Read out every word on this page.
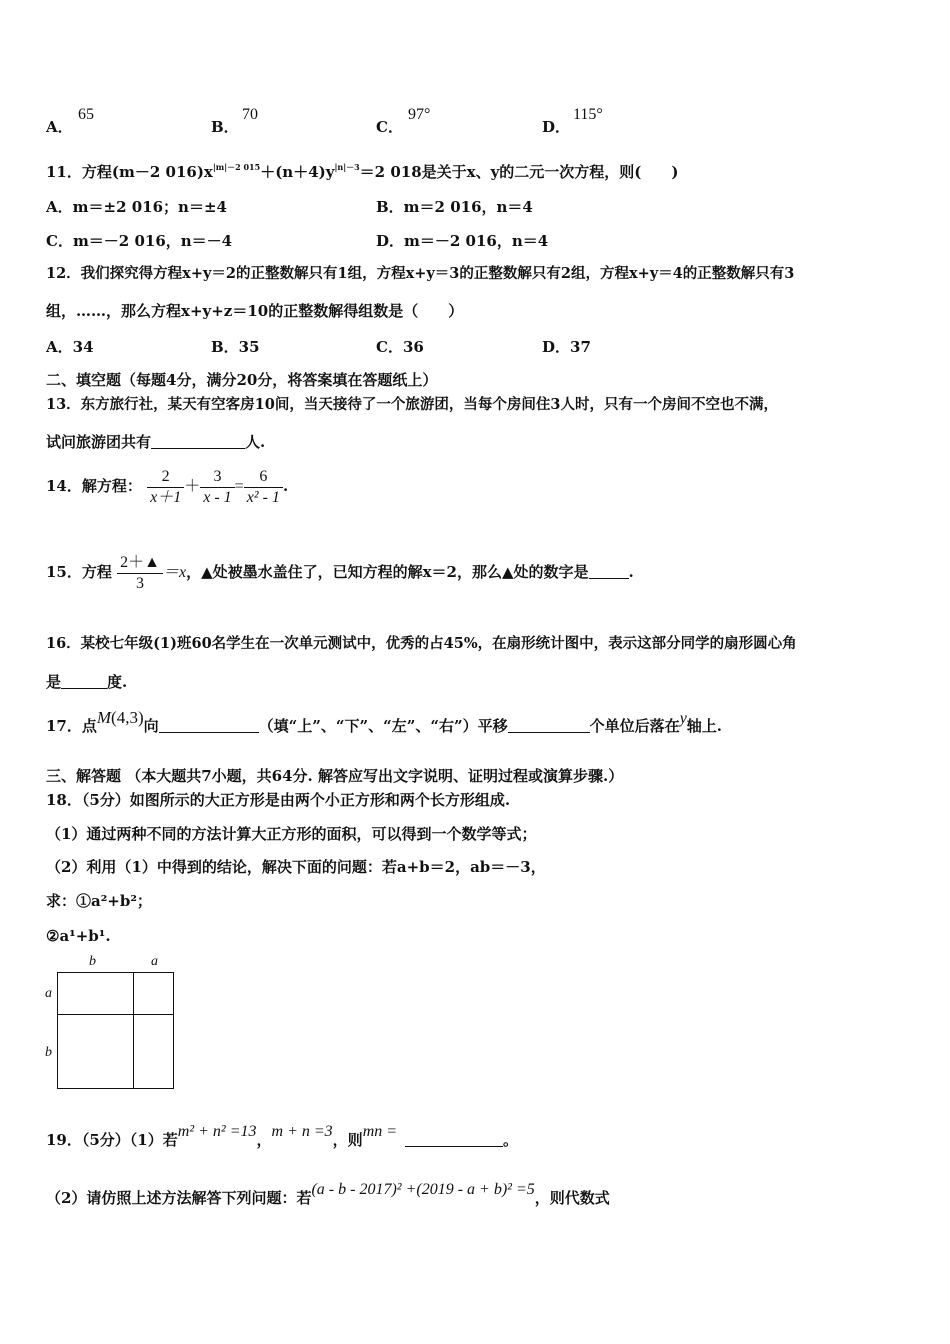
A．
65
B．
70
C．
97°
D．
115°
11．方程(m－2 $016)x^{|m|-2 015}+(n+4)y^{|n|-3}=2$ 018是关于x、y的二元一次方程，则(　　)
A．m＝±2 016；n＝±4	B．m＝2 016，n＝4
C．m＝－2 016，n＝－4	D．m＝－2 016，n＝4
12．我们探究得方程x+y＝2的正整数解只有1组，方程x+y＝3的正整数解只有2组，方程x+y＝4的正整数解只有3
组，……，那么方程x+y+z＝10的正整数解得组数是（　　）
A．34	B．35	C．36	D．37
二、填空题（每题4分，满分20分，将答案填在答题纸上）
13．东方旅行社，某天有空客房10间，当天接待了一个旅游团，当每个房间住3人时，只有一个房间不空也不满，
试问旅游团共有	人.
14．解方程： $\frac{2}{x+1} + \frac{3}{x - 1} = \frac{6}{\text{x² - 1}}$ .
15．方程 $\frac{2+▲}{3} =x$，▲处被墨水盖住了，已知方程的解x＝2，那么▲处的数字是	.
16．某校七年级(1)班60名学生在一次单元测试中，优秀的占45%，在扇形统计图中，表示这部分同学的扇形圆心角
是	度.
17．点M(4,3)向	（填“上”、“下”、“左”、“右”）平移	个单位后落在y轴上.
三、解答题 （本大题共7小题，共64分. 解答应写出文字说明、证明过程或演算步骤.）
18．（5分）如图所示的大正方形是由两个小正方形和两个长方形组成.
（1）通过两种不同的方法计算大正方形的面积，可以得到一个数学等式；
（2）利用（1）中得到的结论，解决下面的问题：若a+b＝2，ab＝－3，
求：①a²+b²；
②a¹+b¹.
b	a
a
b
19．（5分）（1）若m² + n² =13，m + n =3，则mn =	。
（2）请仿照上述方法解答下列问题：若(a - b - 2017)² +(2019 - a + b)² =5，则代数式
